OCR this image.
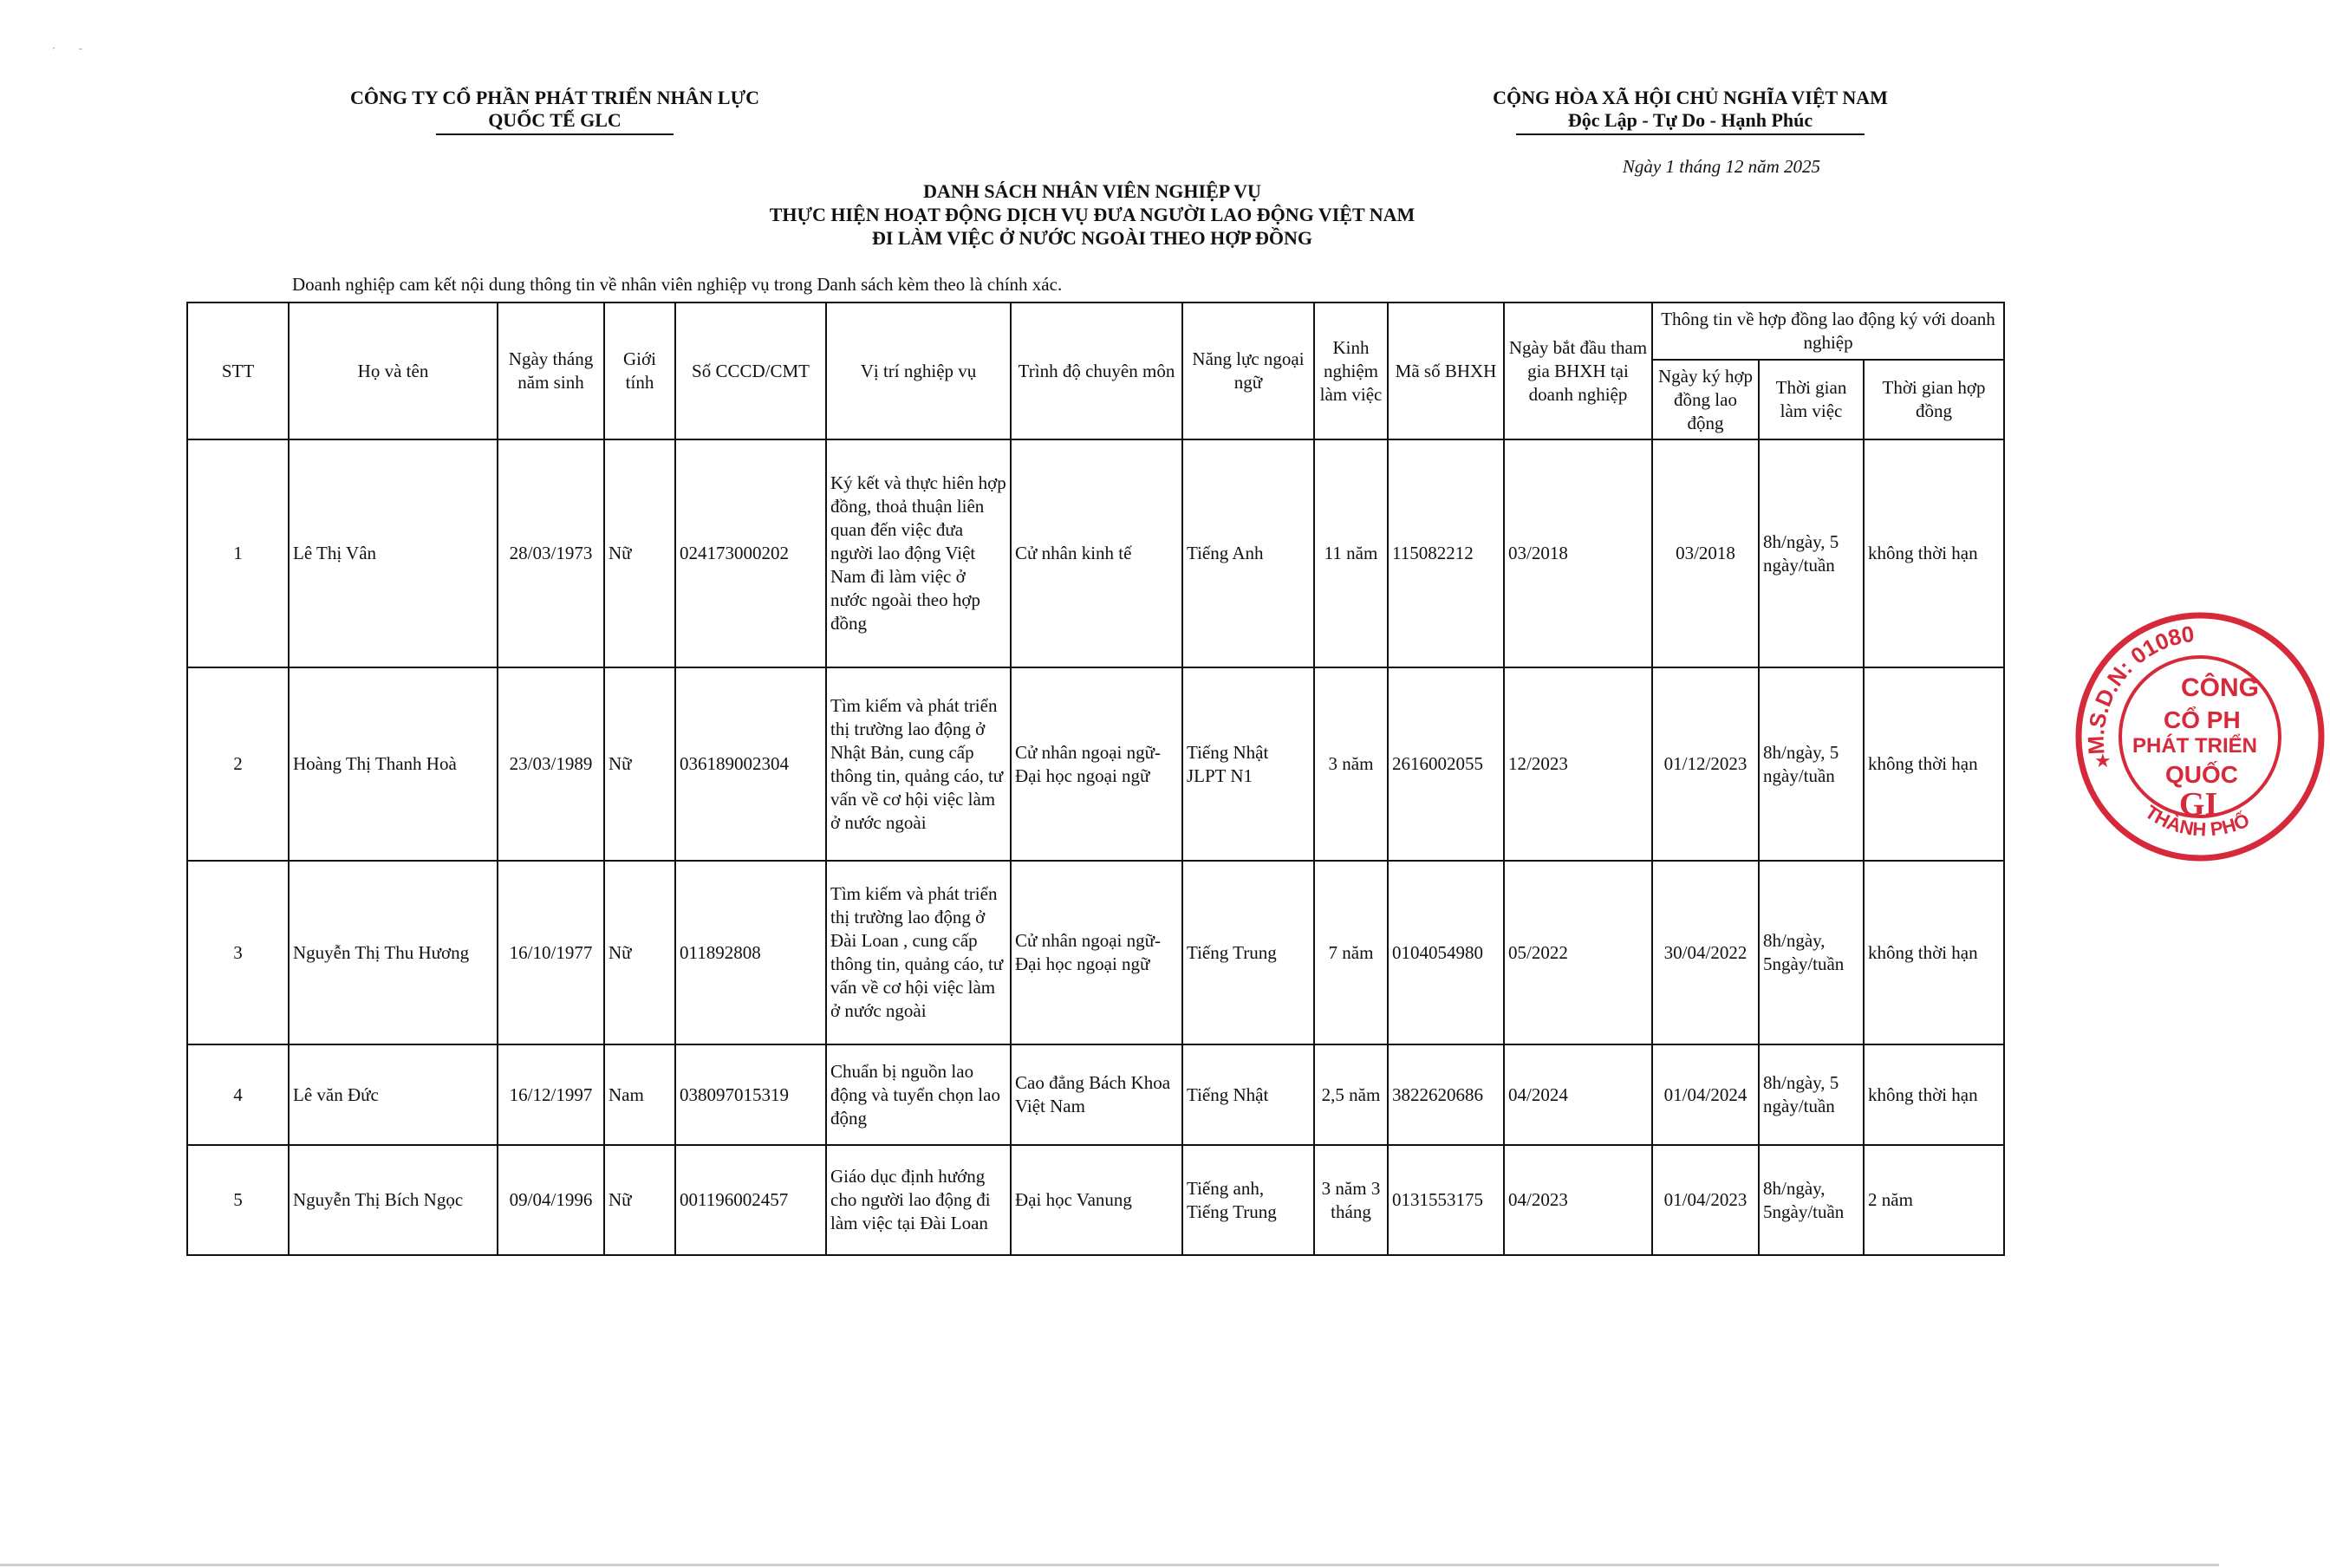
ˊ         ˉ
CÔNG TY CỔ PHẦN PHÁT TRIỂN NHÂN LỰC
QUỐC TẾ GLC
CỘNG HÒA XÃ HỘI CHỦ NGHĨA VIỆT NAM
Độc Lập - Tự Do - Hạnh Phúc
Ngày 1 tháng 12 năm 2025
DANH SÁCH NHÂN VIÊN NGHIỆP VỤ
THỰC HIỆN HOẠT ĐỘNG DỊCH VỤ ĐƯA NGƯỜI LAO ĐỘNG VIỆT NAM
ĐI LÀM VIỆC Ở NƯỚC NGOÀI THEO HỢP ĐỒNG
Doanh nghiệp cam kết nội dung thông tin về nhân viên nghiệp vụ trong Danh sách kèm theo là chính xác.
STT	Họ và tên	Ngày tháng năm sinh	Giới tính	Số CCCD/CMT	Vị trí nghiệp vụ	Trình độ chuyên môn	Năng lực ngoại ngữ	Kinh nghiệm làm việc	Mã số BHXH	Ngày bắt đầu tham gia BHXH tại doanh nghiệp	Thông tin về hợp đồng lao động ký với doanh nghiệp		
											Ngày ký hợp đồng lao động	Thời gian làm việc	Thời gian hợp đồng
1	Lê Thị Vân	28/03/1973	Nữ	024173000202	Ký kết và thực hiên hợp đồng, thoả thuận liên quan đến việc đưa người lao động Việt Nam đi làm việc ở nước ngoài theo hợp đồng	Cử nhân kinh tế	Tiếng Anh	11 năm	115082212	03/2018	03/2018	8h/ngày, 5 ngày/tuần	không thời hạn
2	Hoàng Thị Thanh Hoà	23/03/1989	Nữ	036189002304	Tìm kiếm và phát triển thị trường lao động ở Nhật Bản, cung cấp thông tin, quảng cáo, tư vấn về cơ hội việc làm ở nước ngoài	Cử nhân ngoại ngữ-Đại học ngoại ngữ	Tiếng Nhật JLPT N1	3 năm	2616002055	12/2023	01/12/2023	8h/ngày, 5 ngày/tuần	không thời hạn
3	Nguyễn Thị Thu Hương	16/10/1977	Nữ	011892808	Tìm kiếm và phát triển thị trường lao động ở Đài Loan , cung cấp thông tin, quảng cáo, tư vấn về cơ hội việc làm ở nước ngoài	Cử nhân ngoại ngữ-Đại học ngoại ngữ	Tiếng Trung	7 năm	0104054980	05/2022	30/04/2022	8h/ngày, 5ngày/tuần	không thời hạn
4	Lê văn Đức	16/12/1997	Nam	038097015319	Chuẩn bị nguồn lao động và tuyển chọn lao động	Cao đẳng Bách Khoa Việt Nam	Tiếng Nhật	2,5 năm	3822620686	04/2024	01/04/2024	8h/ngày, 5 ngày/tuần	không thời hạn
5	Nguyễn Thị Bích Ngọc	09/04/1996	Nữ	001196002457	Giáo dục định hướng cho người lao động đi làm việc tại Đài Loan	Đại học Vanung	Tiếng anh, Tiếng Trung	3 năm 3 tháng	0131553175	04/2023	01/04/2023	8h/ngày, 5ngày/tuần	2 năm
M.S.D.N: 01080
THÀNH PHỐ
★
CÔNG
CỔ PH
PHÁT TRIỂN
QUỐC
GI
